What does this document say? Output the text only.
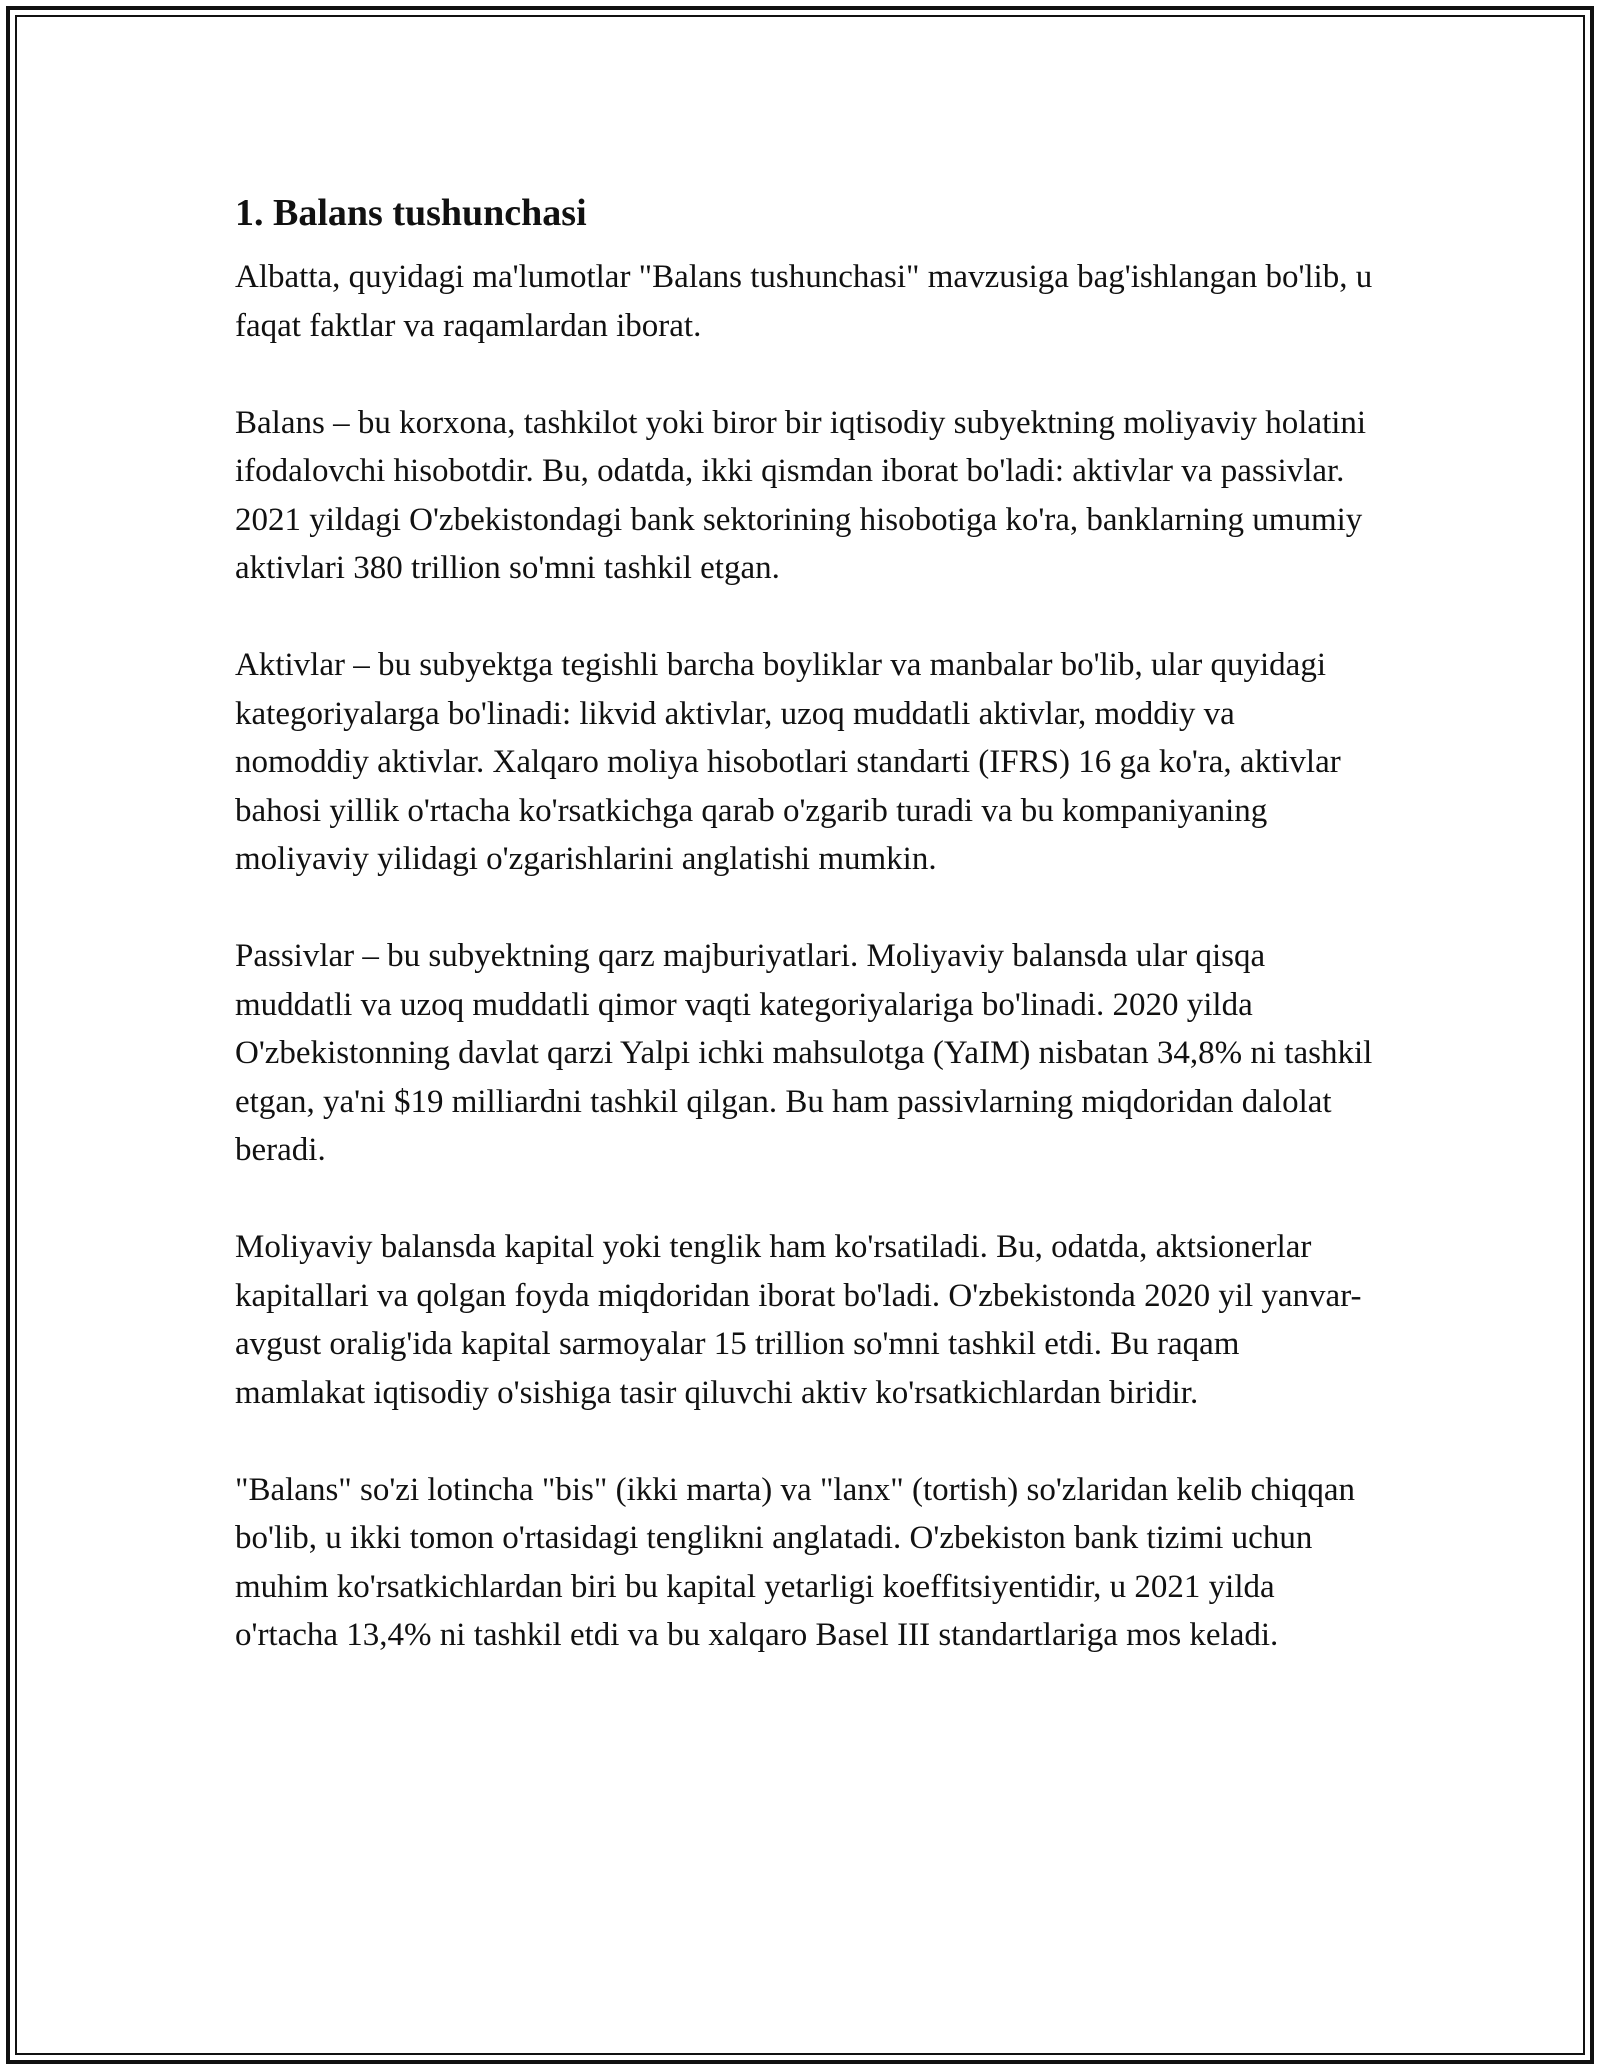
1. Balans tushunchasi

Albatta, quyidagi ma'lumotlar "Balans tushunchasi" mavzusiga bag'ishlangan bo'lib, u faqat faktlar va raqamlardan iborat.

Balans – bu korxona, tashkilot yoki biror bir iqtisodiy subyektning moliyaviy holatini ifodalovchi hisobotdir. Bu, odatda, ikki qismdan iborat bo'ladi: aktivlar va passivlar. 2021 yildagi O'zbekistondagi bank sektorining hisobotiga ko'ra, banklarning umumiy aktivlari 380 trillion so'mni tashkil etgan.

Aktivlar – bu subyektga tegishli barcha boyliklar va manbalar bo'lib, ular quyidagi kategoriyalarga bo'linadi: likvid aktivlar, uzoq muddatli aktivlar, moddiy va nomoddiy aktivlar. Xalqaro moliya hisobotlari standarti (IFRS) 16 ga ko'ra, aktivlar bahosi yillik o'rtacha ko'rsatkichga qarab o'zgarib turadi va bu kompaniyaning moliyaviy yilidagi o'zgarishlarini anglatishi mumkin.

Passivlar – bu subyektning qarz majburiyatlari. Moliyaviy balansda ular qisqa muddatli va uzoq muddatli qimor vaqti kategoriyalariga bo'linadi. 2020 yilda O'zbekistonning davlat qarzi Yalpi ichki mahsulotga (YaIM) nisbatan 34,8% ni tashkil etgan, ya'ni $19 milliardni tashkil qilgan. Bu ham passivlarning miqdoridan dalolat beradi.

Moliyaviy balansda kapital yoki tenglik ham ko'rsatiladi. Bu, odatda, aktsionerlar kapitallari va qolgan foyda miqdoridan iborat bo'ladi. O'zbekistonda 2020 yil yanvar-avgust oralig'ida kapital sarmoyalar 15 trillion so'mni tashkil etdi. Bu raqam mamlakat iqtisodiy o'sishiga tasir qiluvchi aktiv ko'rsatkichlardan biridir.

"Balans" so'zi lotincha "bis" (ikki marta) va "lanx" (tortish) so'zlaridan kelib chiqqan bo'lib, u ikki tomon o'rtasidagi tenglikni anglatadi. O'zbekiston bank tizimi uchun muhim ko'rsatkichlardan biri bu kapital yetarligi koeffitsiyentidir, u 2021 yilda o'rtacha 13,4% ni tashkil etdi va bu xalqaro Basel III standartlariga mos keladi.
